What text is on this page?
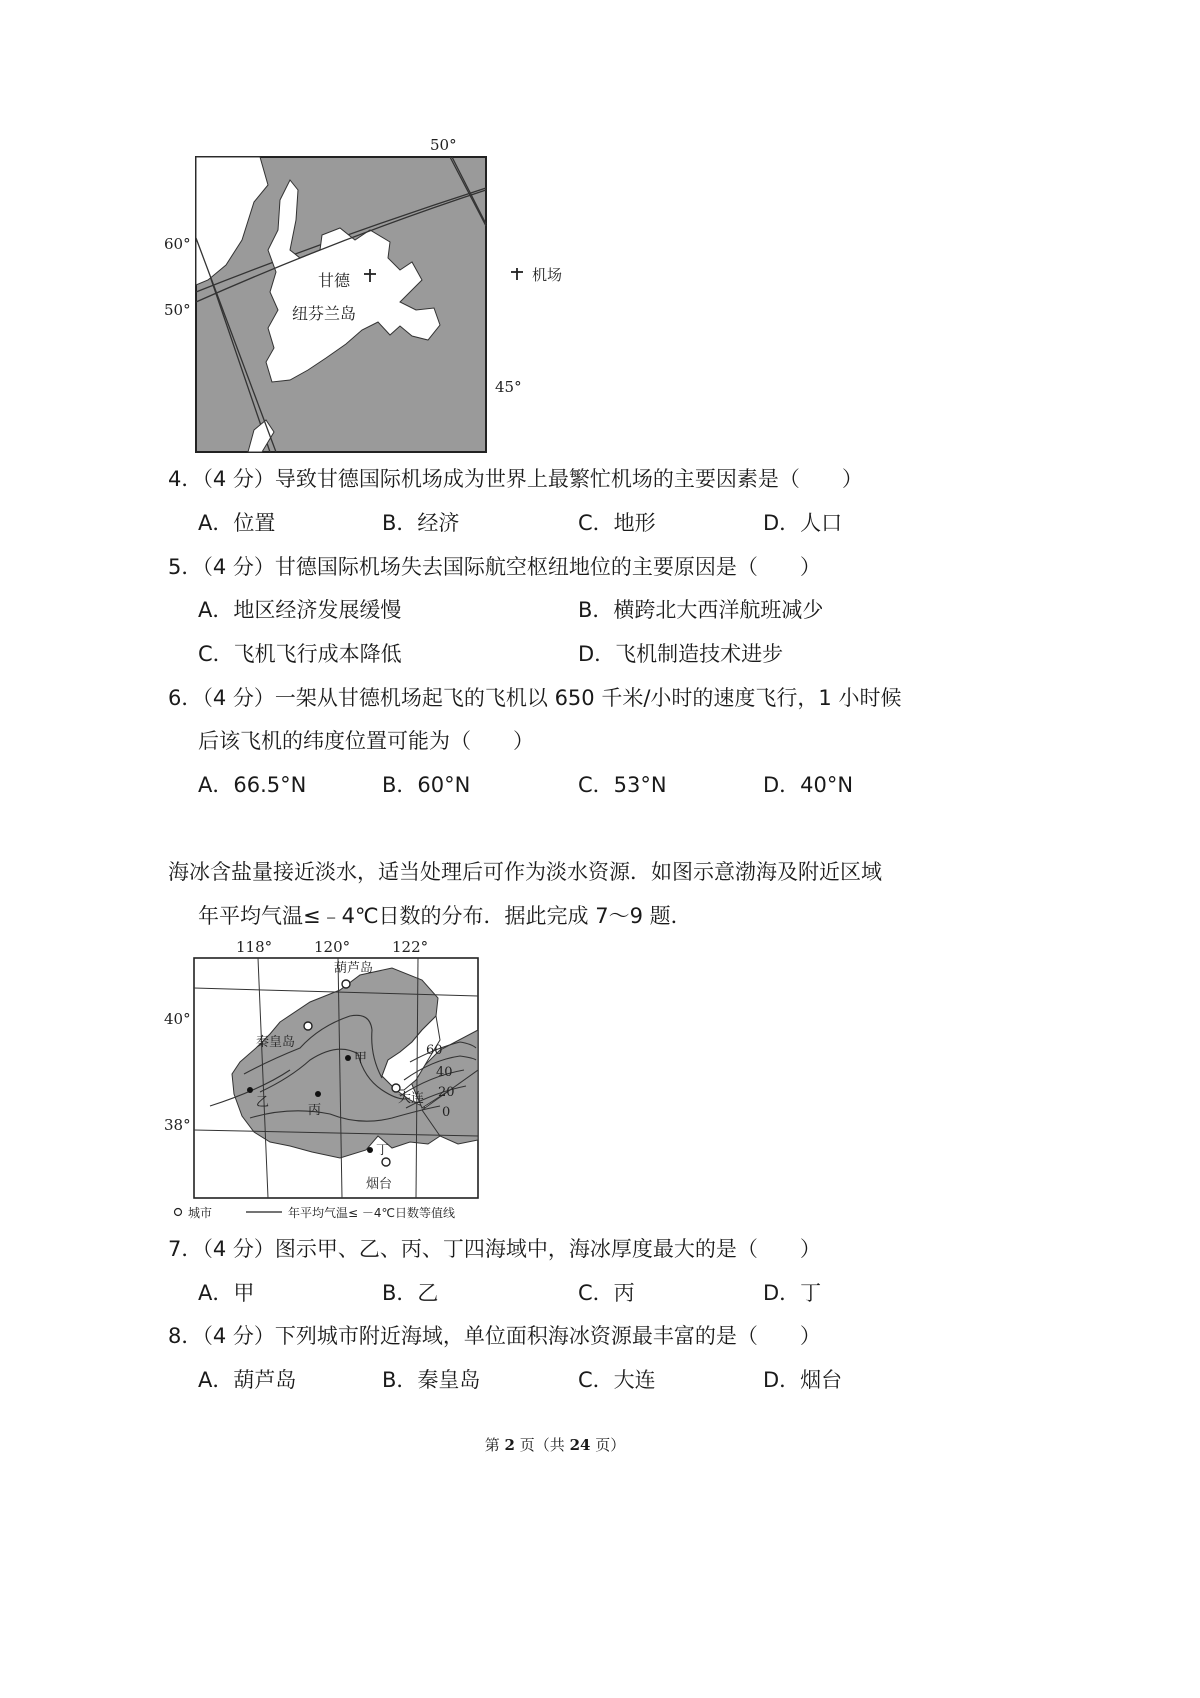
50°
60°
50°
45°
甘德
纽芬兰岛
机场
4．（4 分）导致甘德国际机场成为世界上最繁忙机场的主要因素是（　　）
A．位置	B．经济	C．地形	D．人口
5．（4 分）甘德国际机场失去国际航空枢纽地位的主要原因是（　　）
A．地区经济发展缓慢	B．横跨北大西洋航班减少
C．飞机飞行成本降低	D．飞机制造技术进步
6．（4 分）一架从甘德机场起飞的飞机以 650 千米/小时的速度飞行，1 小时候
后该飞机的纬度位置可能为（　　）
A．66.5°N	B．60°N	C．53°N	D．40°N
海冰含盐量接近淡水，适当处理后可作为淡水资源．如图示意渤海及附近区域
年平均气温≤﹣4℃日数的分布．据此完成 7～9 题．
118°	120°	122°
40°
38°
葫芦岛
秦皇岛
大连
烟台
甲
乙
丙
丁
60
40
20
0
城市	年平均气温≤ －4℃日数等值线
7．（4 分）图示甲、乙、丙、丁四海域中，海冰厚度最大的是（　　）
A．甲	B．乙	C．丙	D．丁
8．（4 分）下列城市附近海域，单位面积海冰资源最丰富的是（　　）
A．葫芦岛	B．秦皇岛	C．大连	D．烟台
第 2 页（共 24 页）
